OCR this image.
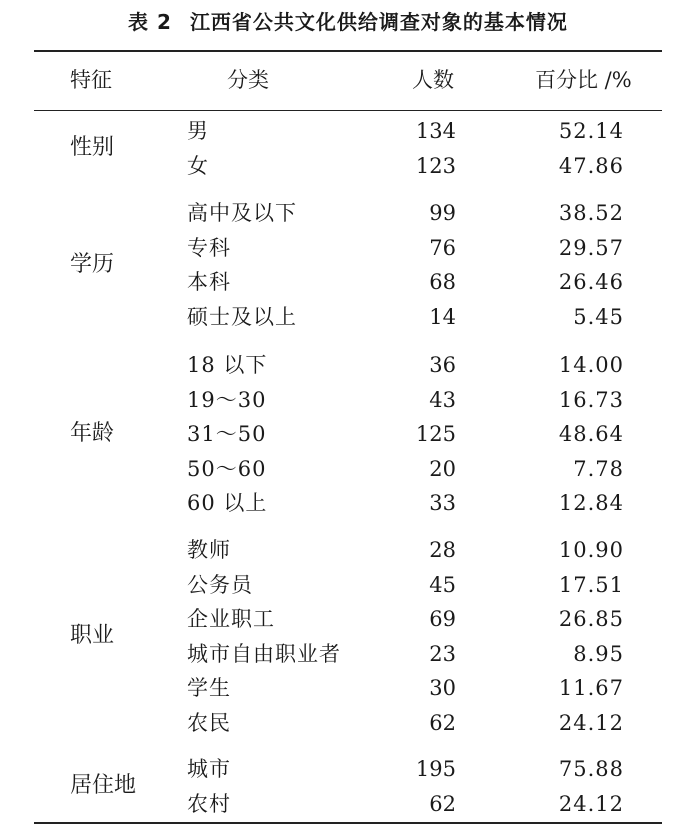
表 2 江西省公共文化供给调查对象的基本情况
特征	分类	人数	百分比 /%
性别
男	134	52.14
女	123	47.86
学历
高中及以下	99	38.52
专科	76	29.57
本科	68	26.46
硕士及以上	14	5.45
年龄
18 以下	36	14.00
19～30	43	16.73
31～50	125	48.64
50～60	20	7.78
60 以上	33	12.84
职业
教师	28	10.90
公务员	45	17.51
企业职工	69	26.85
城市自由职业者	23	8.95
学生	30	11.67
农民	62	24.12
居住地
城市	195	75.88
农村	62	24.12
